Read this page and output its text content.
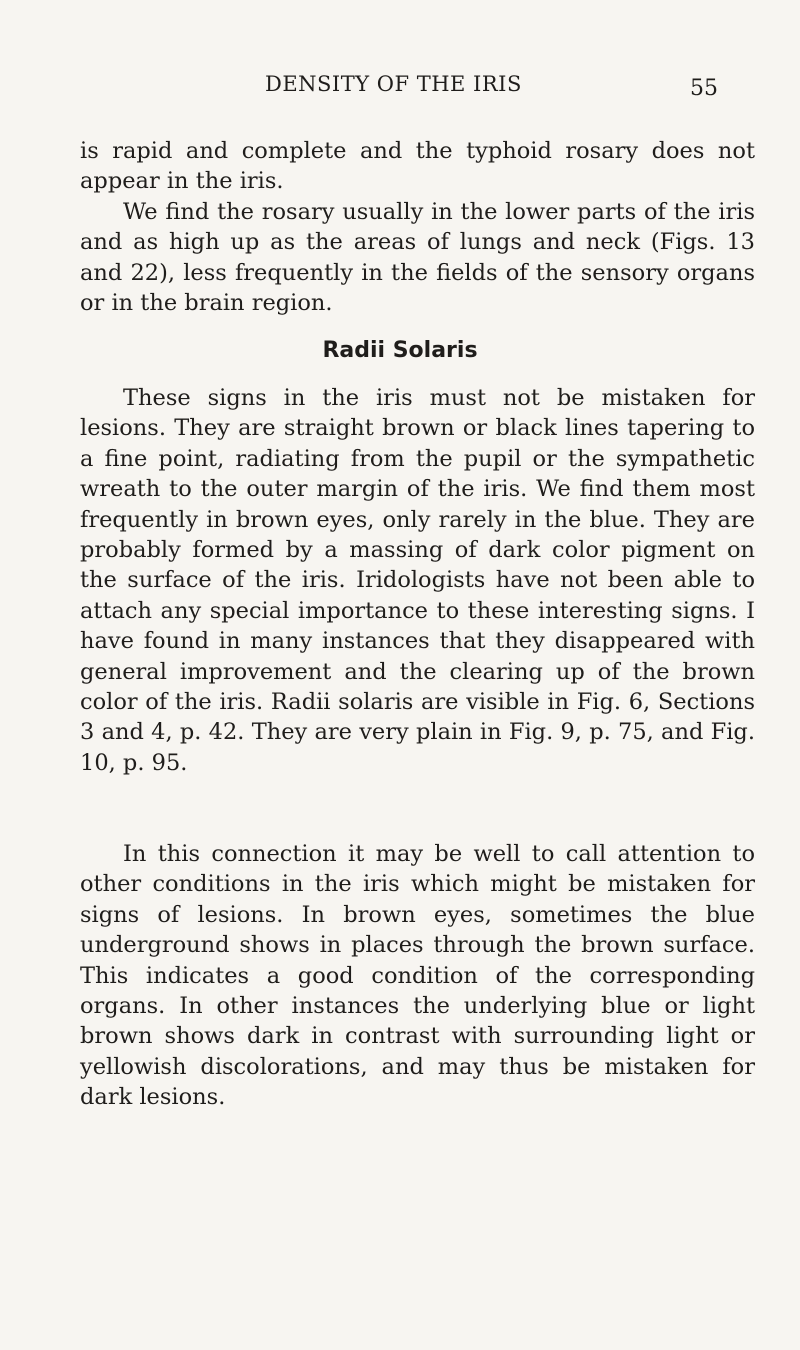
DENSITY OF THE IRIS	55

is rapid and complete and the typhoid rosary does not appear in the iris.

We find the rosary usually in the lower parts of the iris and as high up as the areas of lungs and neck (Figs. 13 and 22), less frequently in the fields of the sensory organs or in the brain region.

Radii Solaris

These signs in the iris must not be mistaken for lesions. They are straight brown or black lines tapering to a fine point, radiating from the pupil or the sympathetic wreath to the outer margin of the iris. We find them most frequently in brown eyes, only rarely in the blue. They are probably formed by a massing of dark color pigment on the surface of the iris. Iridologists have not been able to attach any special importance to these interesting signs. I have found in many instances that they disappeared with general improvement and the clearing up of the brown color of the iris. Radii solaris are visible in Fig. 6, Sections 3 and 4, p. 42. They are very plain in Fig. 9, p. 75, and Fig. 10, p. 95.

In this connection it may be well to call attention to other conditions in the iris which might be mistaken for signs of lesions. In brown eyes, sometimes the blue underground shows in places through the brown surface. This indicates a good condition of the corresponding organs. In other instances the underlying blue or light brown shows dark in contrast with surrounding light or yellowish discolorations, and may thus be mistaken for dark lesions.
